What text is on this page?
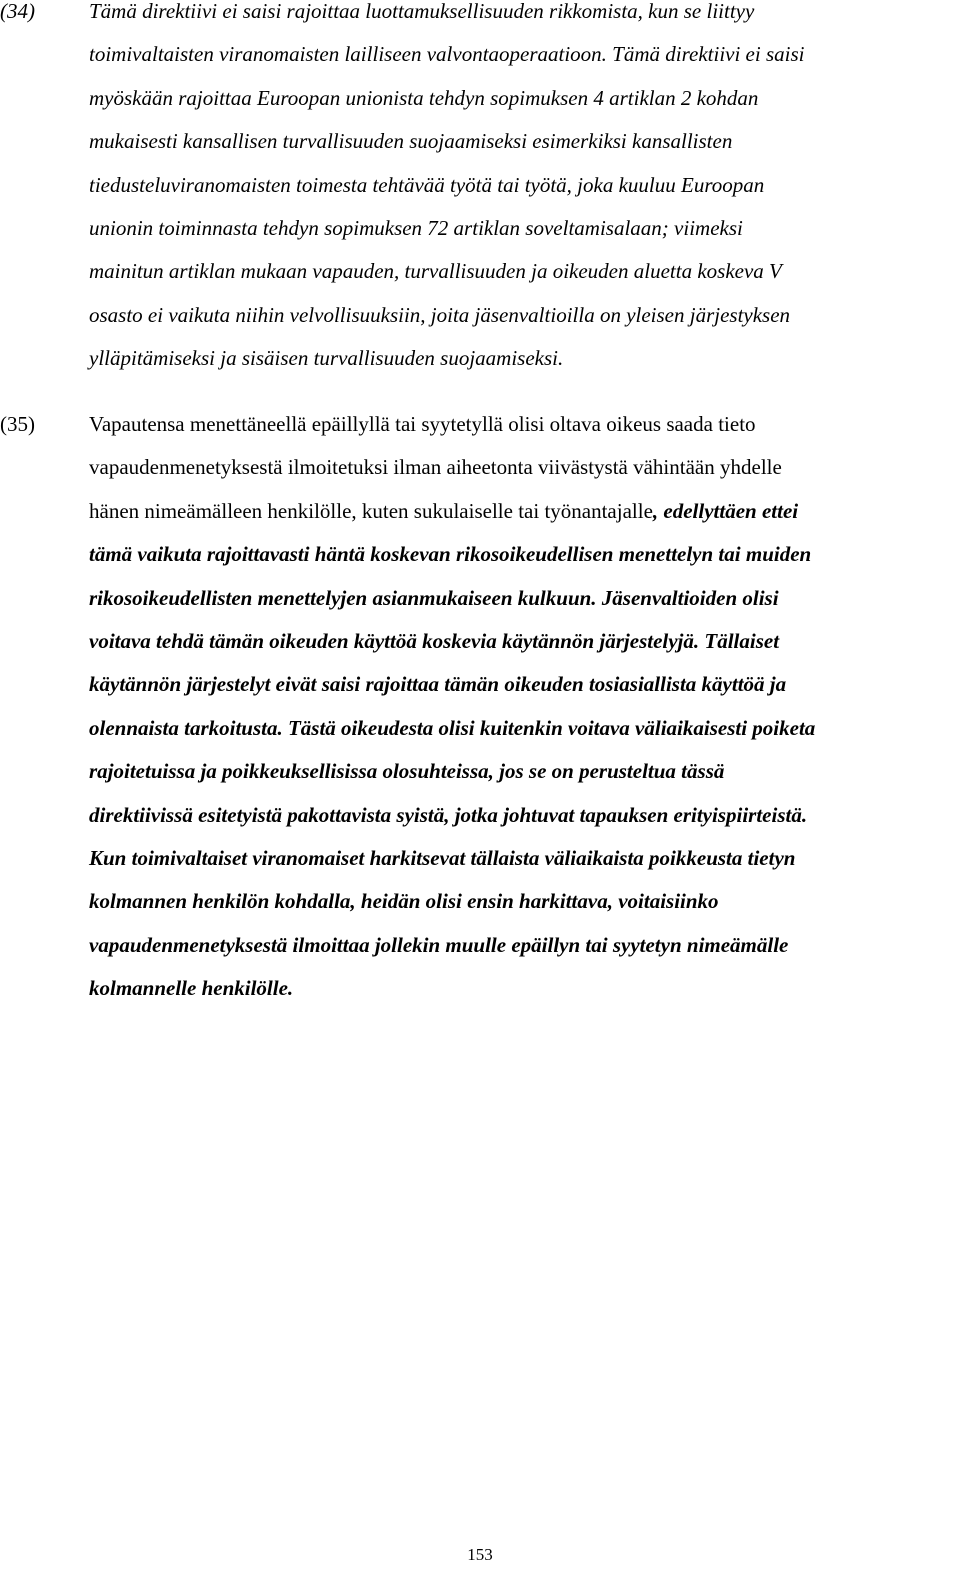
(34)	Tämä direktiivi ei saisi rajoittaa luottamuksellisuuden rikkomista, kun se liittyy
toimivaltaisten viranomaisten lailliseen valvontaoperaatioon. Tämä direktiivi ei saisi
myöskään rajoittaa Euroopan unionista tehdyn sopimuksen 4 artiklan 2 kohdan
mukaisesti kansallisen turvallisuuden suojaamiseksi esimerkiksi kansallisten
tiedusteluviranomaisten toimesta tehtävää työtä tai työtä, joka kuuluu Euroopan
unionin toiminnasta tehdyn sopimuksen 72 artiklan soveltamisalaan; viimeksi
mainitun artiklan mukaan vapauden, turvallisuuden ja oikeuden aluetta koskeva V
osasto ei vaikuta niihin velvollisuuksiin, joita jäsenvaltioilla on yleisen järjestyksen
ylläpitämiseksi ja sisäisen turvallisuuden suojaamiseksi.
(35)	Vapautensa menettäneellä epäillyllä tai syytetyllä olisi oltava oikeus saada tieto
vapaudenmenetyksestä ilmoitetuksi ilman aiheetonta viivästystä vähintään yhdelle
hänen nimeämälleen henkilölle, kuten sukulaiselle tai työnantajalle, edellyttäen ettei
tämä vaikuta rajoittavasti häntä koskevan rikosoikeudellisen menettelyn tai muiden
rikosoikeudellisten menettelyjen asianmukaiseen kulkuun. Jäsenvaltioiden olisi
voitava tehdä tämän oikeuden käyttöä koskevia käytännön järjestelyjä. Tällaiset
käytännön järjestelyt eivät saisi rajoittaa tämän oikeuden tosiasiallista käyttöä ja
olennaista tarkoitusta. Tästä oikeudesta olisi kuitenkin voitava väliaikaisesti poiketa
rajoitetuissa ja poikkeuksellisissa olosuhteissa, jos se on perusteltua tässä
direktiivissä esitetyistä pakottavista syistä, jotka johtuvat tapauksen erityispiirteistä.
Kun toimivaltaiset viranomaiset harkitsevat tällaista väliaikaista poikkeusta tietyn
kolmannen henkilön kohdalla, heidän olisi ensin harkittava, voitaisiinko
vapaudenmenetyksestä ilmoittaa jollekin muulle epäillyn tai syytetyn nimeämälle
kolmannelle henkilölle.
153
